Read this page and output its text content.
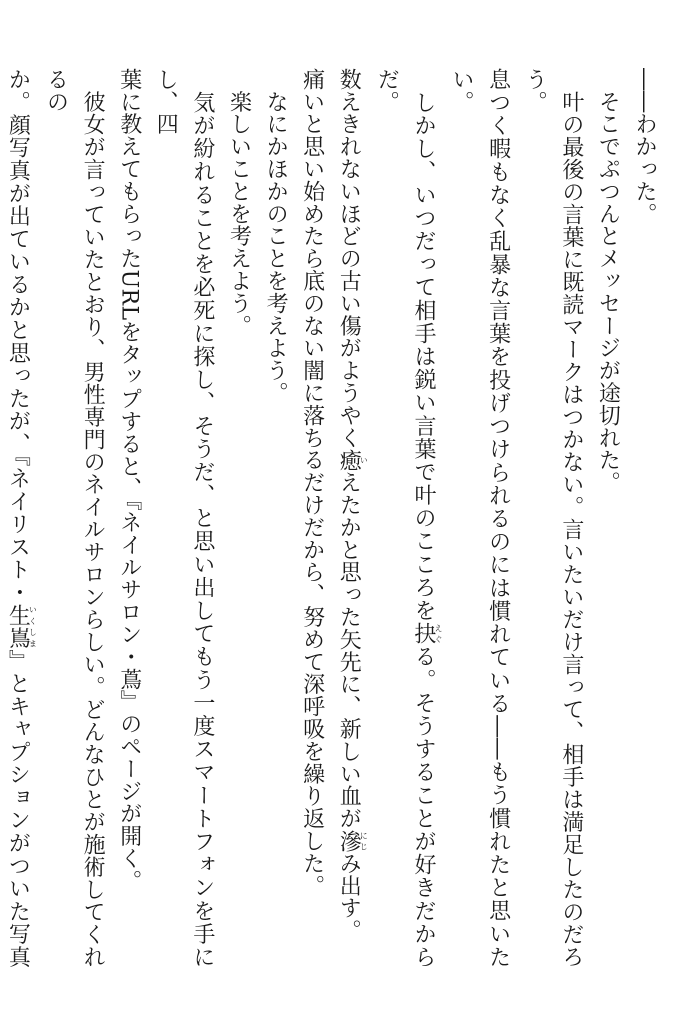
――わかった。
　そこでぷつんとメッセージが途切れた。
　叶の最後の言葉に既読マークはつかない。言いたいだけ言って、相手は満足したのだろう。
息つく暇もなく乱暴な言葉を投げつけられるのには慣れている――もう慣れたと思いたい。
　しかし、いつだって相手は鋭い言葉で叶のこころを抉えぐる。そうすることが好きだからだ。
数えきれないほどの古い傷がようやく癒いえたかと思った矢先に、新しい血が滲にじみ出す。
痛いと思い始めたら底のない闇に落ちるだけだから、努めて深呼吸を繰り返した。
　なにかほかのことを考えよう。
　楽しいことを考えよう。
　気が紛れることを必死に探し、そうだ、と思い出してもう一度スマートフォンを手にし、四
葉に教えてもらったURLをタップすると、『ネイルサロン・蔦』のページが開く。
　彼女が言っていたとおり、男性専門のネイルサロンらしい。どんなひとが施術してくれるの
か。顔写真が出ているかと思ったが、『ネイリスト・生嶌いくしま』とキャプションがついた写真
